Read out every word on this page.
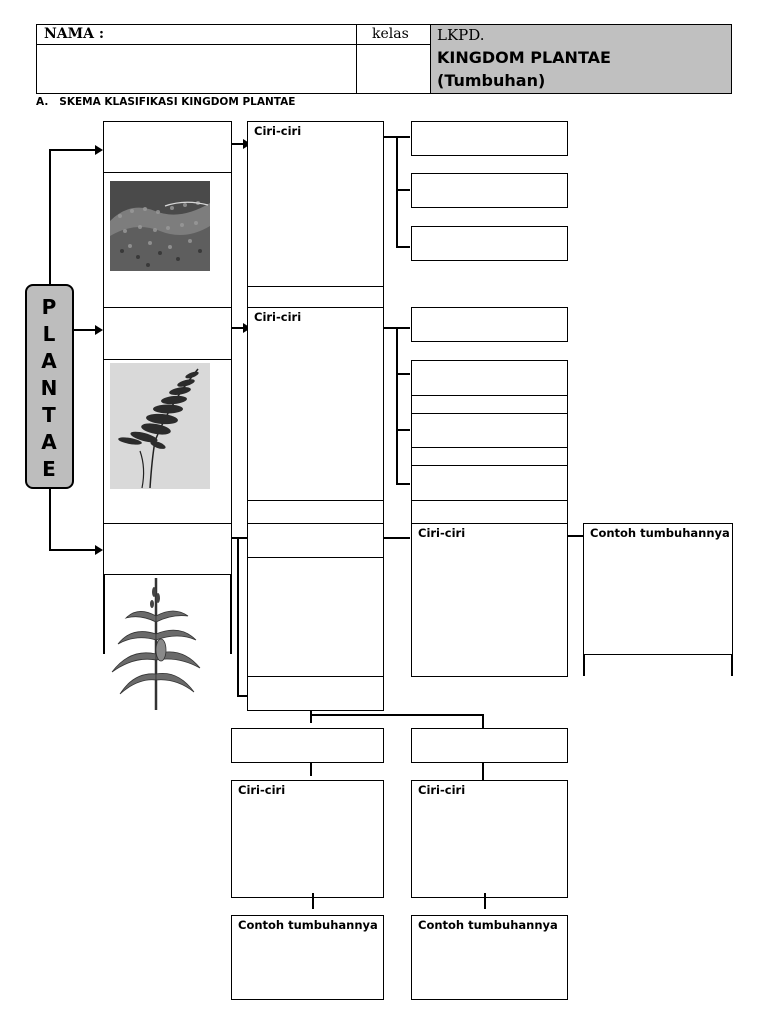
NAMA :	kelas LKPD.
KINGDOM PLANTAE
(Tumbuhan)
A.   SKEMA KLASIFIKASI KINGDOM PLANTAE
P
L
A
N
T
A
E
Ciri-ciri
Ciri-ciri
Ciri-ciri	Contoh tumbuhannya
Ciri-ciri	Ciri-ciri
Contoh tumbuhannya	Contoh tumbuhannya
